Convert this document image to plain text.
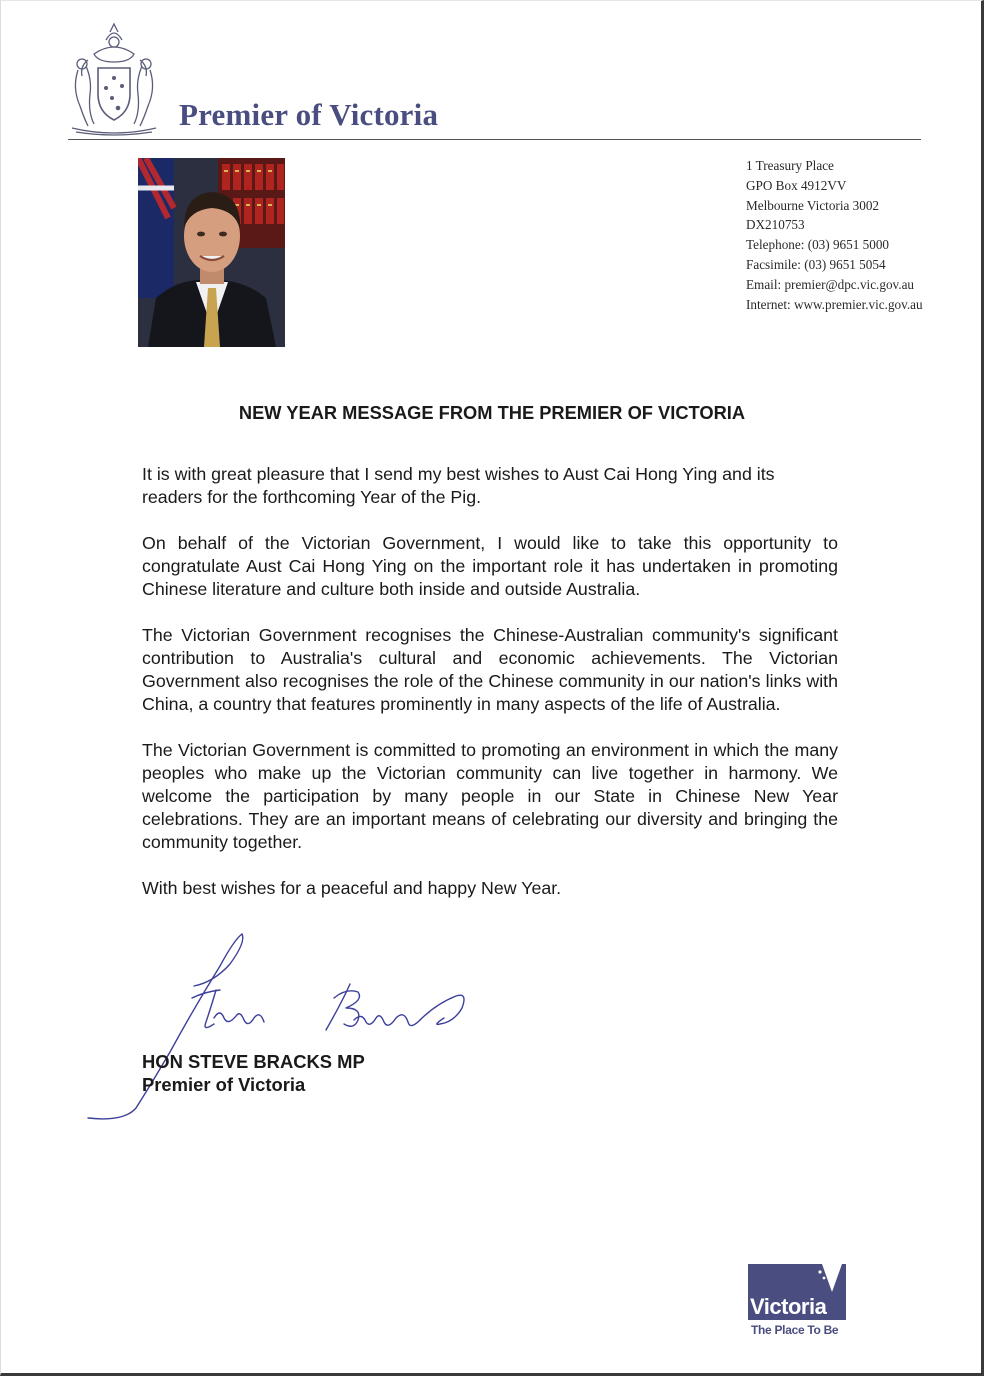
Premier of Victoria
1 Treasury Place
GPO Box 4912VV
Melbourne Victoria 3002
DX210753
Telephone: (03) 9651 5000
Facsimile: (03) 9651 5054
Email: premier@dpc.vic.gov.au
Internet: www.premier.vic.gov.au
NEW YEAR MESSAGE FROM THE PREMIER OF VICTORIA

It is with great pleasure that I send my best wishes to Aust Cai Hong Ying and its readers for the forthcoming Year of the Pig.

On behalf of the Victorian Government, I would like to take this opportunity to congratulate Aust Cai Hong Ying on the important role it has undertaken in promoting Chinese literature and culture both inside and outside Australia.

The Victorian Government recognises the Chinese-Australian community's significant contribution to Australia's cultural and economic achievements. The Victorian Government also recognises the role of the Chinese community in our nation's links with China, a country that features prominently in many aspects of the life of Australia.

The Victorian Government is committed to promoting an environment in which the many peoples who make up the Victorian community can live together in harmony. We welcome the participation by many people in our State in Chinese New Year celebrations. They are an important means of celebrating our diversity and bringing the community together.

With best wishes for a peaceful and happy New Year.

HON STEVE BRACKS MP
Premier of Victoria
Victoria
The Place To Be
